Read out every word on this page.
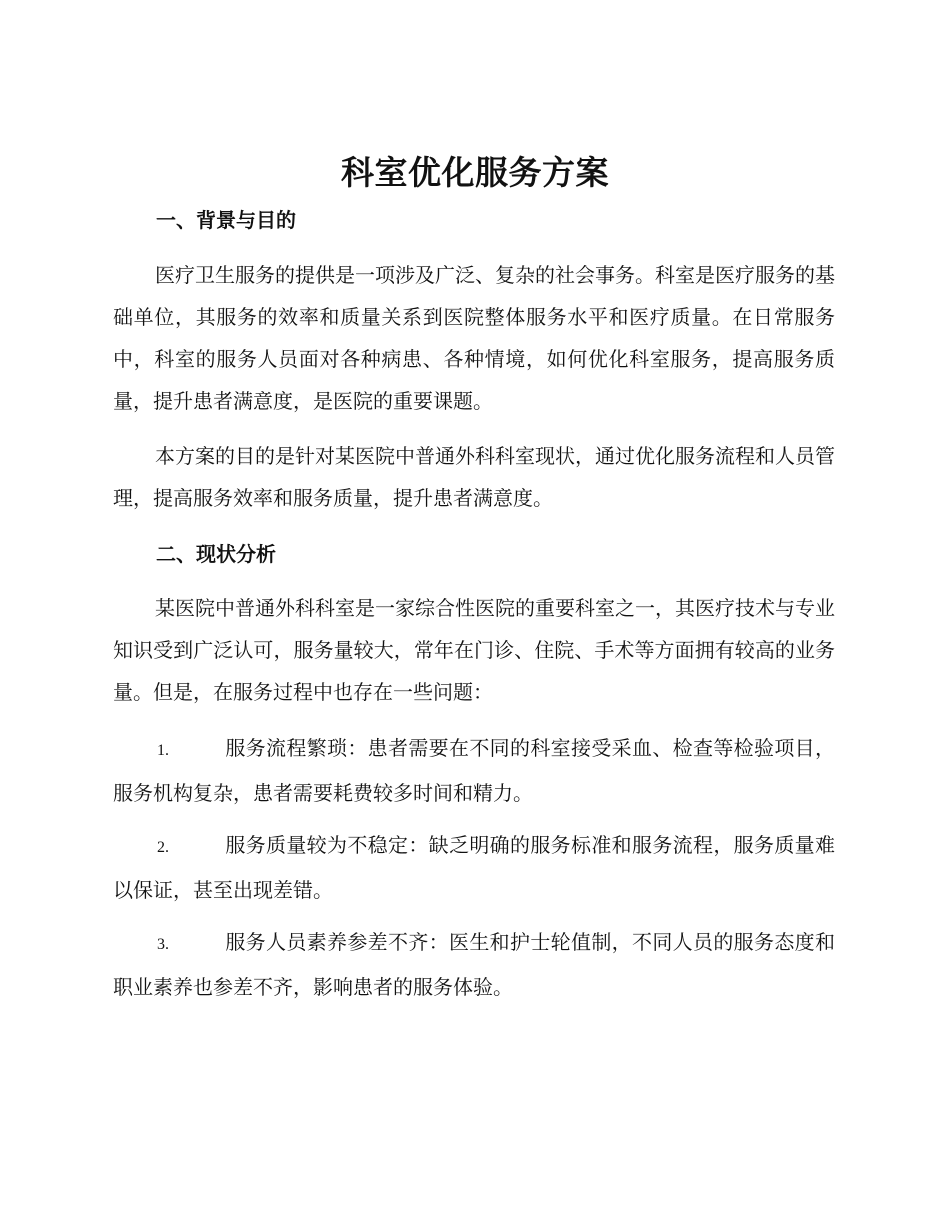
科室优化服务方案
一、背景与目的

医疗卫生服务的提供是一项涉及广泛、复杂的社会事务。科室是医疗服务的基础单位，其服务的效率和质量关系到医院整体服务水平和医疗质量。在日常服务中，科室的服务人员面对各种病患、各种情境，如何优化科室服务，提高服务质量，提升患者满意度，是医院的重要课题。

本方案的目的是针对某医院中普通外科科室现状，通过优化服务流程和人员管理，提高服务效率和服务质量，提升患者满意度。

二、现状分析

某医院中普通外科科室是一家综合性医院的重要科室之一，其医疗技术与专业知识受到广泛认可，服务量较大，常年在门诊、住院、手术等方面拥有较高的业务量。但是，在服务过程中也存在一些问题：

1.	服务流程繁琐：患者需要在不同的科室接受采血、检查等检验项目，服务机构复杂，患者需要耗费较多时间和精力。

2.	服务质量较为不稳定：缺乏明确的服务标准和服务流程，服务质量难以保证，甚至出现差错。

3.	服务人员素养参差不齐：医生和护士轮值制，不同人员的服务态度和职业素养也参差不齐，影响患者的服务体验。
